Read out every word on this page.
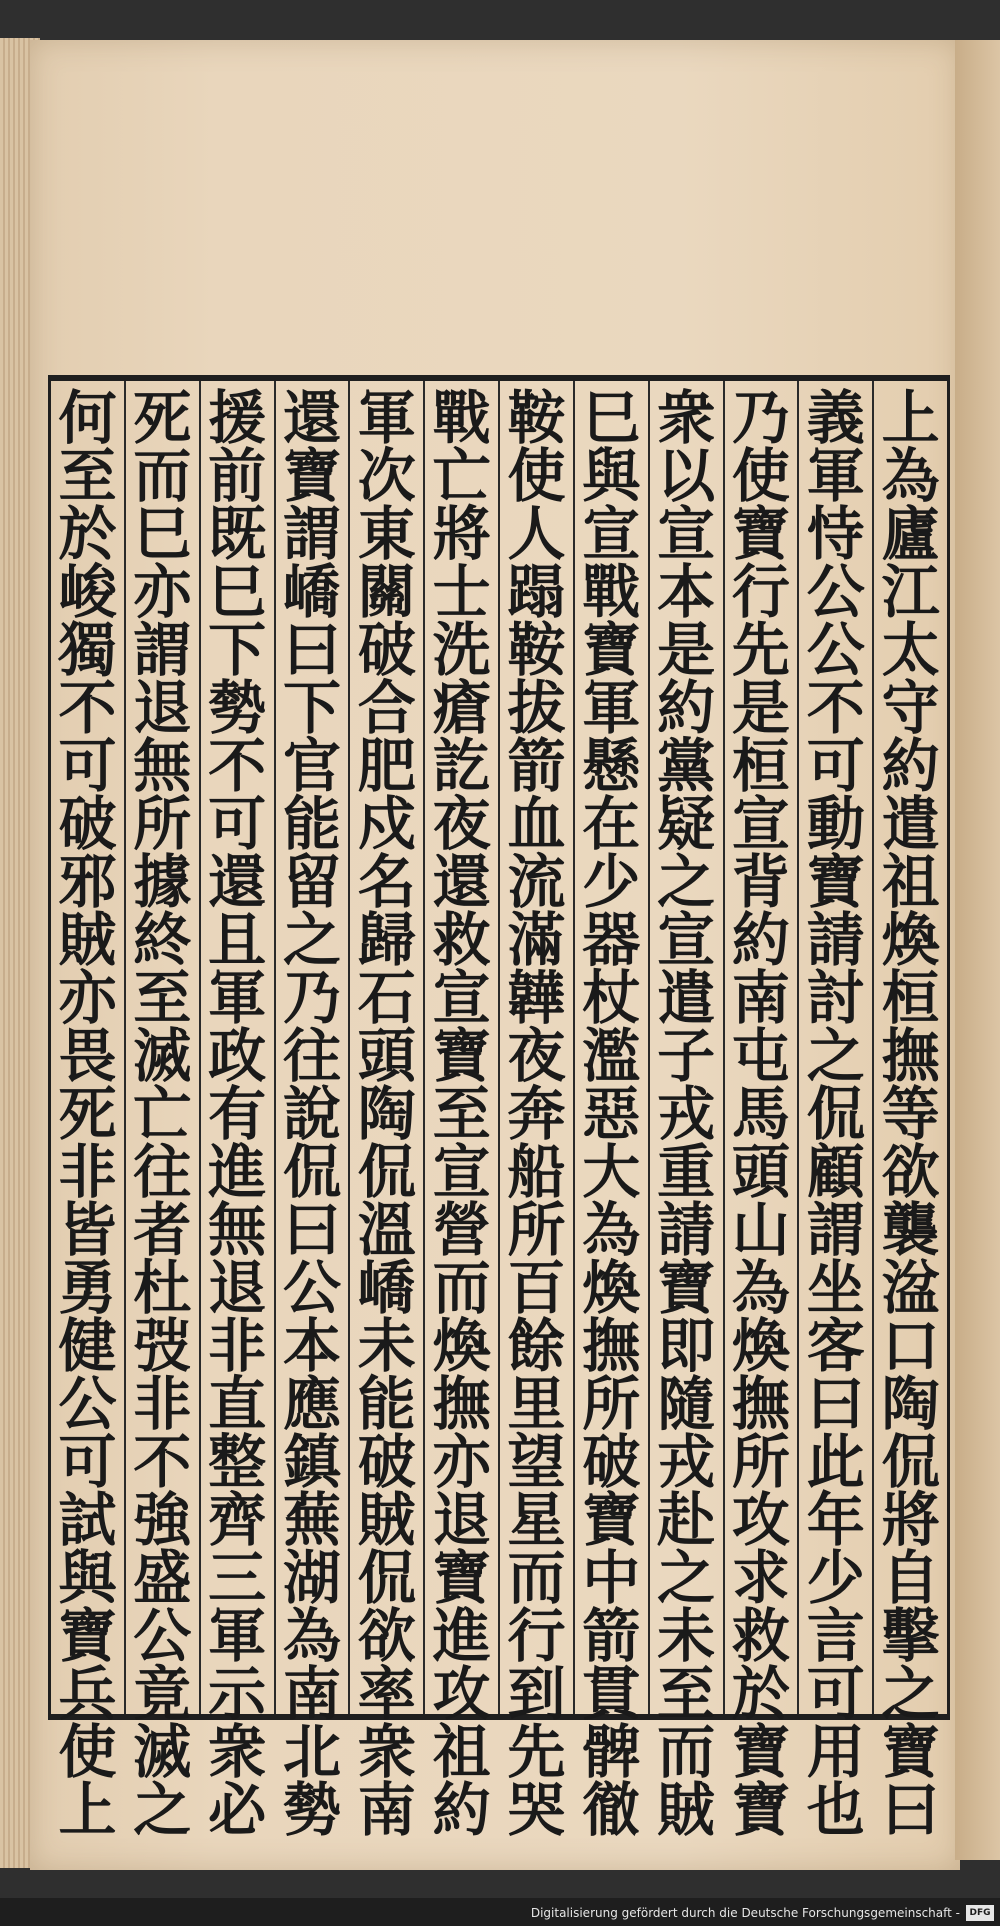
上
為
廬
江
太
守
約
遣
祖
煥
桓
撫
等
欲
襲
湓
口
陶
侃
將
自
擊
之
寶
曰
義
軍
恃
公
公
不
可
動
寶
請
討
之
侃
顧
謂
坐
客
曰
此
年
少
言
可
用
也
乃
使
寶
行
先
是
桓
宣
背
約
南
屯
馬
頭
山
為
煥
撫
所
攻
求
救
於
寶
寶
衆
以
宣
本
是
約
黨
疑
之
宣
遣
子
戎
重
請
寶
即
隨
戎
赴
之
未
至
而
賊
巳
與
宣
戰
寶
軍
懸
在
少
器
杖
濫
惡
大
為
煥
撫
所
破
寶
中
箭
貫
髀
徹
鞍
使
人
蹋
鞍
拔
箭
血
流
滿
韡
夜
奔
船
所
百
餘
里
望
星
而
行
到
先
哭
戰
亡
將
士
洗
瘡
訖
夜
還
救
宣
寶
至
宣
營
而
煥
撫
亦
退
寶
進
攻
祖
約
軍
次
東
關
破
合
肥
戍
名
歸
石
頭
陶
侃
溫
嶠
未
能
破
賊
侃
欲
率
衆
南
還
寶
謂
嶠
曰
下
官
能
留
之
乃
往
說
侃
曰
公
本
應
鎮
蕪
湖
為
南
北
勢
援
前
既
巳
下
勢
不
可
還
且
軍
政
有
進
無
退
非
直
整
齊
三
軍
示
衆
必
死
而
巳
亦
謂
退
無
所
據
終
至
滅
亡
往
者
杜
弢
非
不
強
盛
公
竟
滅
之
何
至
於
峻
獨
不
可
破
邪
賊
亦
畏
死
非
皆
勇
健
公
可
試
與
寶
兵
使
上
Digitalisierung gefördert durch die Deutsche Forschungsgemeinschaft -	DFG
